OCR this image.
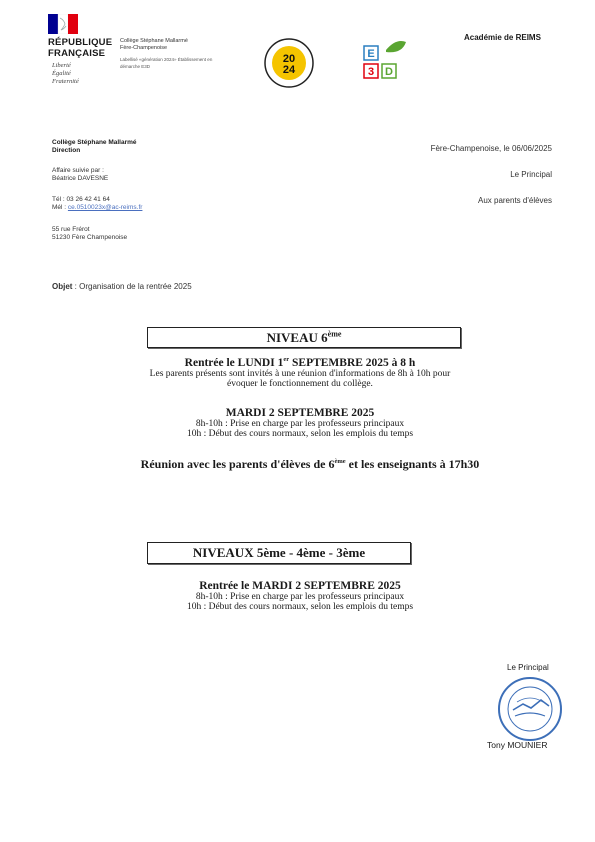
RÉPUBLIQUE
FRANÇAISE
Liberté
Égalité
Fraternité
Collège Stéphane Mallarmé
Fère-Champenoise
Labellisé «génération 2024» Établissement en démarche E3D
20
24
E
3 D
Académie de REIMS
Collège Stéphane Mallarmé
Direction
Affaire suivie par :
Béatrice DAVESNE
Tél : 03 26 42 41 64
Mél : ce.0510023x@ac-reims.fr
55 rue Frérot
51230 Fère Champenoise
Fère-Champenoise, le 06/06/2025
Le Principal
Aux parents d'élèves
Objet : Organisation de la rentrée 2025
NIVEAU 6ème
Rentrée le LUNDI 1er SEPTEMBRE 2025 à 8 h
Les parents présents sont invités à une réunion d'informations de 8h à 10h pour
évoquer le fonctionnement du collège.
MARDI 2 SEPTEMBRE 2025
8h-10h : Prise en charge par les professeurs principaux
10h : Début des cours normaux, selon les emplois du temps
Réunion avec les parents d'élèves de 6ème et les enseignants à 17h30
NIVEAUX 5ème - 4ème - 3ème
Rentrée le MARDI 2 SEPTEMBRE 2025
8h-10h : Prise en charge par les professeurs principaux
10h : Début des cours normaux, selon les emplois du temps
Le Principal
Tony MOUNIER
